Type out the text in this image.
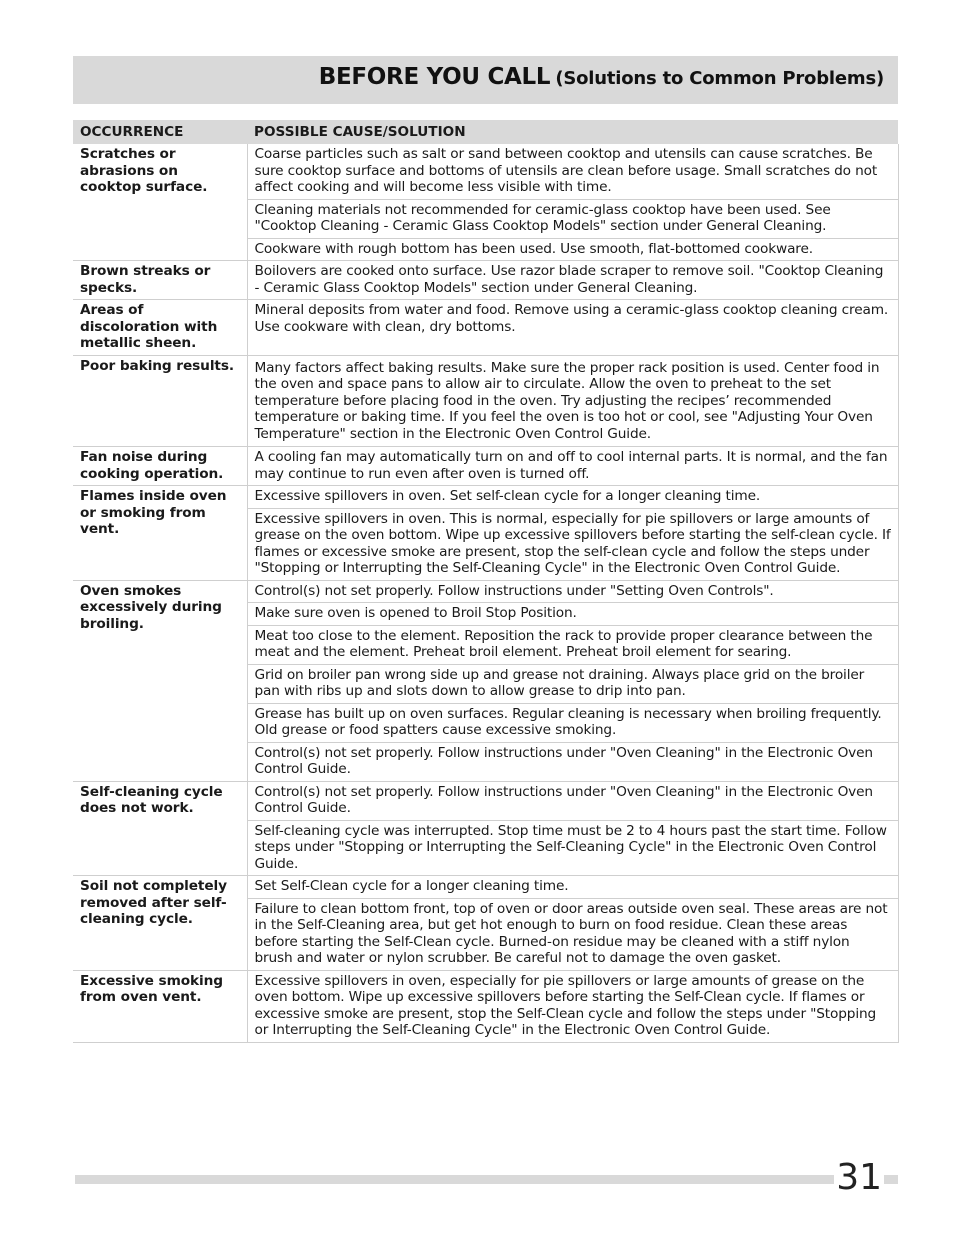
BEFORE YOU CALL (Solutions to Common Problems)
OCCURRENCE	POSSIBLE CAUSE/SOLUTION
Scratches or abrasions on cooktop surface.	Coarse particles such as salt or sand between cooktop and utensils can cause scratches. Be sure cooktop surface and bottoms of utensils are clean before usage. Small scratches do not affect cooking and will become less visible with time.
	Cleaning materials not recommended for ceramic-glass cooktop have been used. See "Cooktop Cleaning - Ceramic Glass Cooktop Models" section under General Cleaning.
	Cookware with rough bottom has been used. Use smooth, flat-bottomed cookware.
Brown streaks or specks.	Boilovers are cooked onto surface. Use razor blade scraper to remove soil. "Cooktop Cleaning - Ceramic Glass Cooktop Models" section under General Cleaning.
Areas of discoloration with metallic sheen.	Mineral deposits from water and food. Remove using a ceramic-glass cooktop cleaning cream. Use cookware with clean, dry bottoms.
Poor baking results.	Many factors affect baking results. Make sure the proper rack position is used. Center food in the oven and space pans to allow air to circulate. Allow the oven to preheat to the set temperature before placing food in the oven. Try adjusting the recipes’ recommended temperature or baking time. If you feel the oven is too hot or cool, see "Adjusting Your Oven Temperature" section in the Electronic Oven Control Guide.
Fan noise during cooking operation.	A cooling fan may automatically turn on and off to cool internal parts. It is normal, and the fan may continue to run even after oven is turned off.
Flames inside oven or smoking from vent.	Excessive spillovers in oven. Set self-clean cycle for a longer cleaning time.
	Excessive spillovers in oven. This is normal, especially for pie spillovers or large amounts of grease on the oven bottom. Wipe up excessive spillovers before starting the self-clean cycle. If flames or excessive smoke are present, stop the self-clean cycle and follow the steps under "Stopping or Interrupting the Self-Cleaning Cycle" in the Electronic Oven Control Guide.
Oven smokes excessively during broiling.	Control(s) not set properly. Follow instructions under "Setting Oven Controls".
	Make sure oven is opened to Broil Stop Position.
	Meat too close to the element. Reposition the rack to provide proper clearance between the meat and the element. Preheat broil element. Preheat broil element for searing.
	Grid on broiler pan wrong side up and grease not draining. Always place grid on the broiler pan with ribs up and slots down to allow grease to drip into pan.
	Grease has built up on oven surfaces. Regular cleaning is necessary when broiling frequently. Old grease or food spatters cause excessive smoking.
	Control(s) not set properly. Follow instructions under "Oven Cleaning" in the Electronic Oven Control Guide.
Self-cleaning cycle does not work.	Control(s) not set properly. Follow instructions under "Oven Cleaning" in the Electronic Oven Control Guide.
	Self-cleaning cycle was interrupted. Stop time must be 2 to 4 hours past the start time. Follow steps under "Stopping or Interrupting the Self-Cleaning Cycle" in the Electronic Oven Control Guide.
Soil not completely removed after self-cleaning cycle.	Set Self-Clean cycle for a longer cleaning time.
	Failure to clean bottom front, top of oven or door areas outside oven seal. These areas are not in the Self-Cleaning area, but get hot enough to burn on food residue. Clean these areas before starting the Self-Clean cycle. Burned-on residue may be cleaned with a stiff nylon brush and water or nylon scrubber. Be careful not to damage the oven gasket.
Excessive smoking from oven vent.	Excessive spillovers in oven, especially for pie spillovers or large amounts of grease on the oven bottom. Wipe up excessive spillovers before starting the Self-Clean cycle. If flames or excessive smoke are present, stop the Self-Clean cycle and follow the steps under "Stopping or Interrupting the Self-Cleaning Cycle" in the Electronic Oven Control Guide.
31
